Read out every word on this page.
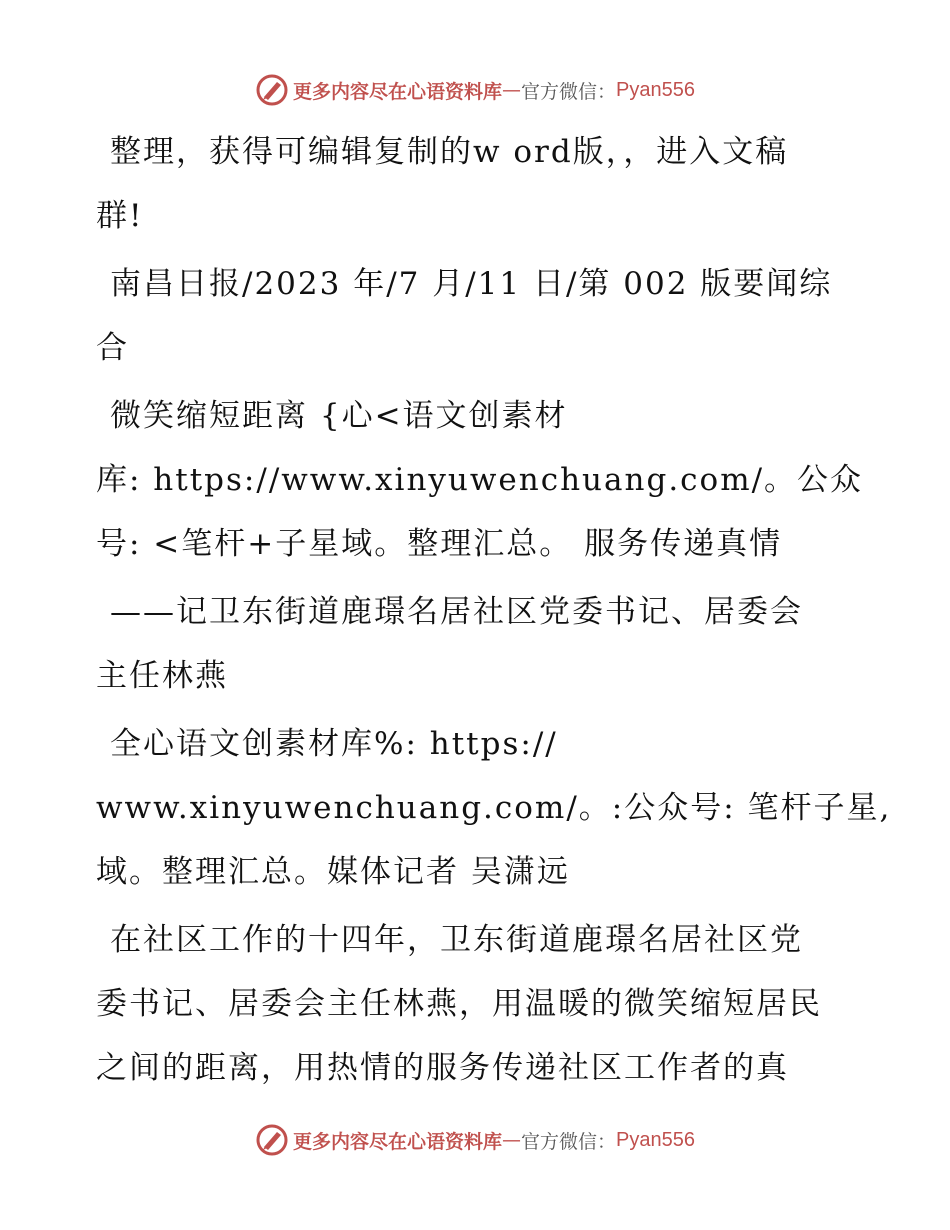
更多内容尽在心语资料库 — 官方微信： Pyan556

整理，获得可编辑复制的w ord版，，进入文稿
群!

南昌日报/2023 年/7 月/11 日/第 002 版要闻综
合

微笑缩短距离 {心<语文创素材
库: https://www.xinyuwenchuang.com/。公众
号: <笔杆+子星域。整理汇总。 服务传递真情

——记卫东街道鹿璟名居社区党委书记、居委会
主任林燕

全心语文创素材库%: https://
www.xinyuwenchuang.com/。:公众号: 笔杆子星,
域。整理汇总。媒体记者 吴潇远

在社区工作的十四年，卫东街道鹿璟名居社区党
委书记、居委会主任林燕，用温暖的微笑缩短居民
之间的距离，用热情的服务传递社区工作者的真

更多内容尽在心语资料库 — 官方微信： Pyan556
